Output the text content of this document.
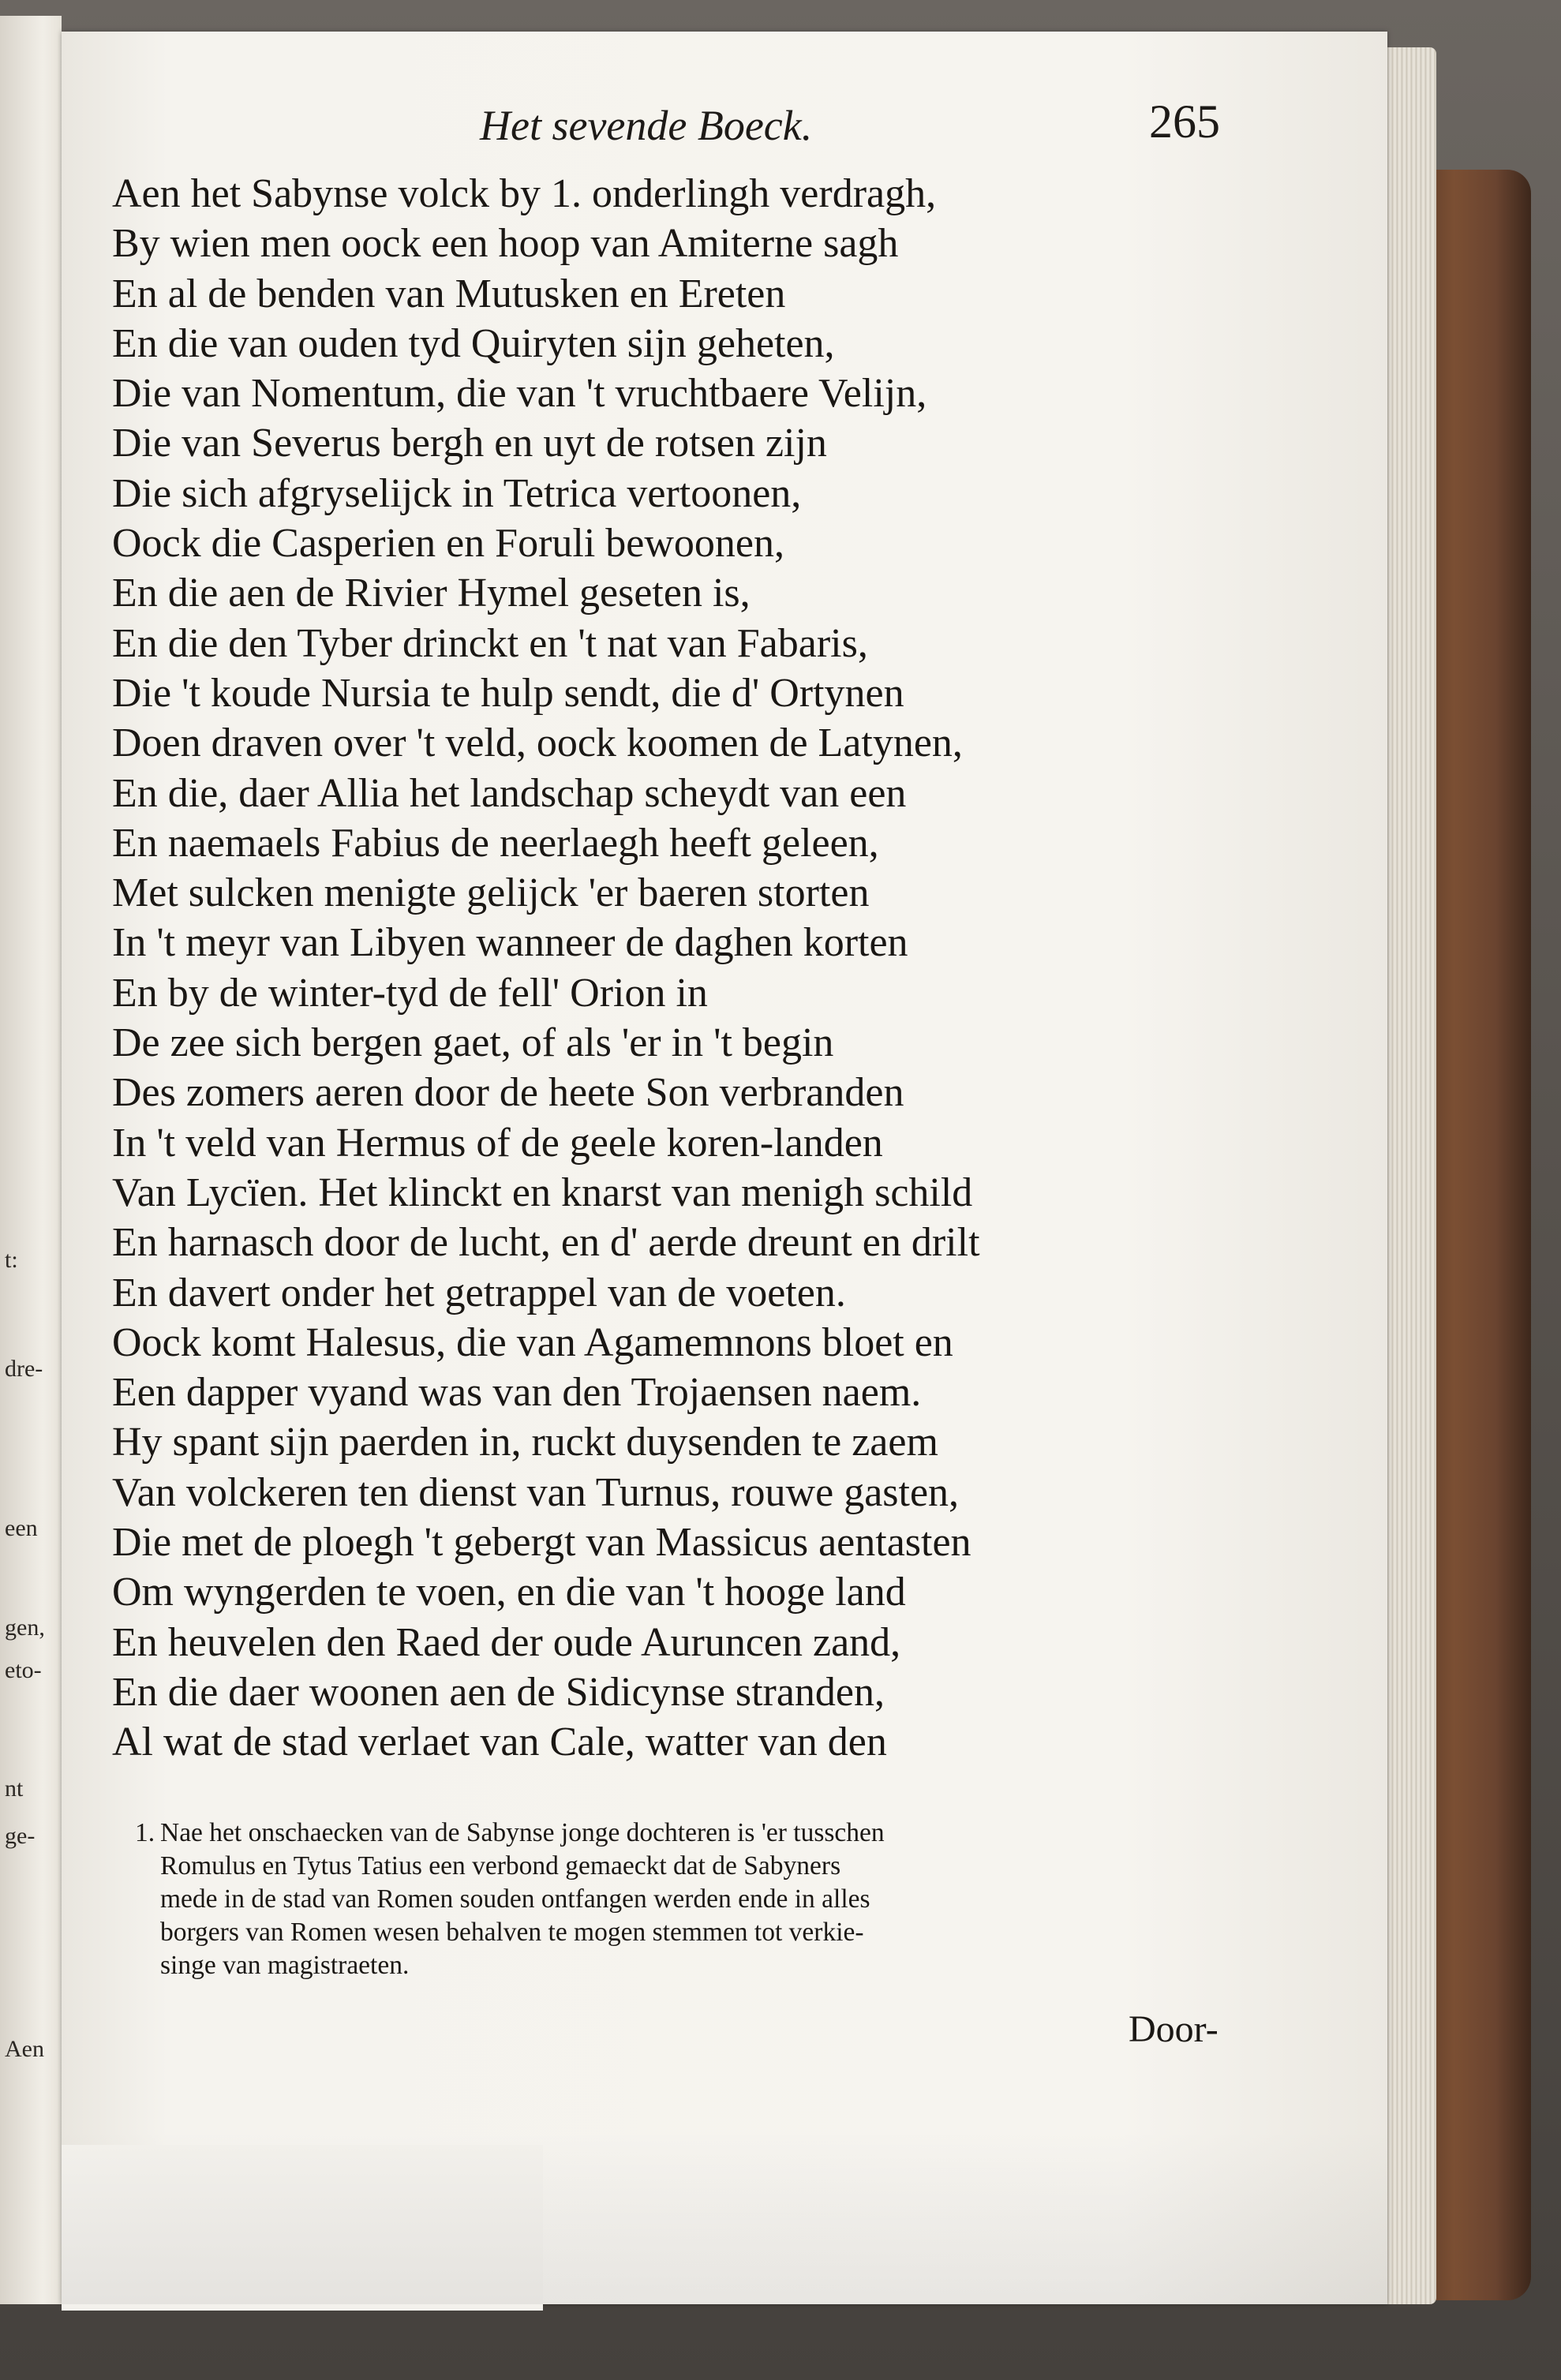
t:
dre-
een
gen,
eto-
nt
ge-
Aen
Het sevende Boeck.	265
Aen het Sabynse volck by 1. onderlingh verdragh,
By wien men oock een hoop van Amiterne sagh
En al de benden van Mutusken en Ereten
En die van ouden tyd Quiryten sijn geheten,
Die van Nomentum, die van 't vruchtbaere Velijn,
Die van Severus bergh en uyt de rotsen zijn
Die sich afgryselijck in Tetrica vertoonen,
Oock die Casperien en Foruli bewoonen,
En die aen de Rivier Hymel geseten is,
En die den Tyber drinckt en 't nat van Fabaris,
Die 't koude Nursia te hulp sendt, die d' Ortynen
Doen draven over 't veld, oock koomen de Latynen,
En die, daer Allia het landschap scheydt van een
En naemaels Fabius de neerlaegh heeft geleen,
Met sulcken menigte gelijck 'er baeren storten
In 't meyr van Libyen wanneer de daghen korten
En by de winter-tyd de fell' Orion in
De zee sich bergen gaet, of als 'er in 't begin
Des zomers aeren door de heete Son verbranden
In 't veld van Hermus of de geele koren-landen
Van Lycïen. Het klinckt en knarst van menigh schild
En harnasch door de lucht, en d' aerde dreunt en drilt
En davert onder het getrappel van de voeten.
Oock komt Halesus, die van Agamemnons bloet en
Een dapper vyand was van den Trojaensen naem.
Hy spant sijn paerden in, ruckt duysenden te zaem
Van volckeren ten dienst van Turnus, rouwe gasten,
Die met de ploegh 't gebergt van Massicus aentasten
Om wyngerden te voen, en die van 't hooge land
En heuvelen den Raed der oude Auruncen zand,
En die daer woonen aen de Sidicynse stranden,
Al wat de stad verlaet van Cale, watter van den
1. Nae het onschaecken van de Sabynse jonge dochteren is 'er tusschen
Romulus en Tytus Tatius een verbond gemaeckt dat de Sabyners
mede in de stad van Romen souden ontfangen werden ende in alles
borgers van Romen wesen behalven te mogen stemmen tot verkie-
singe van magistraeten.
Door-
